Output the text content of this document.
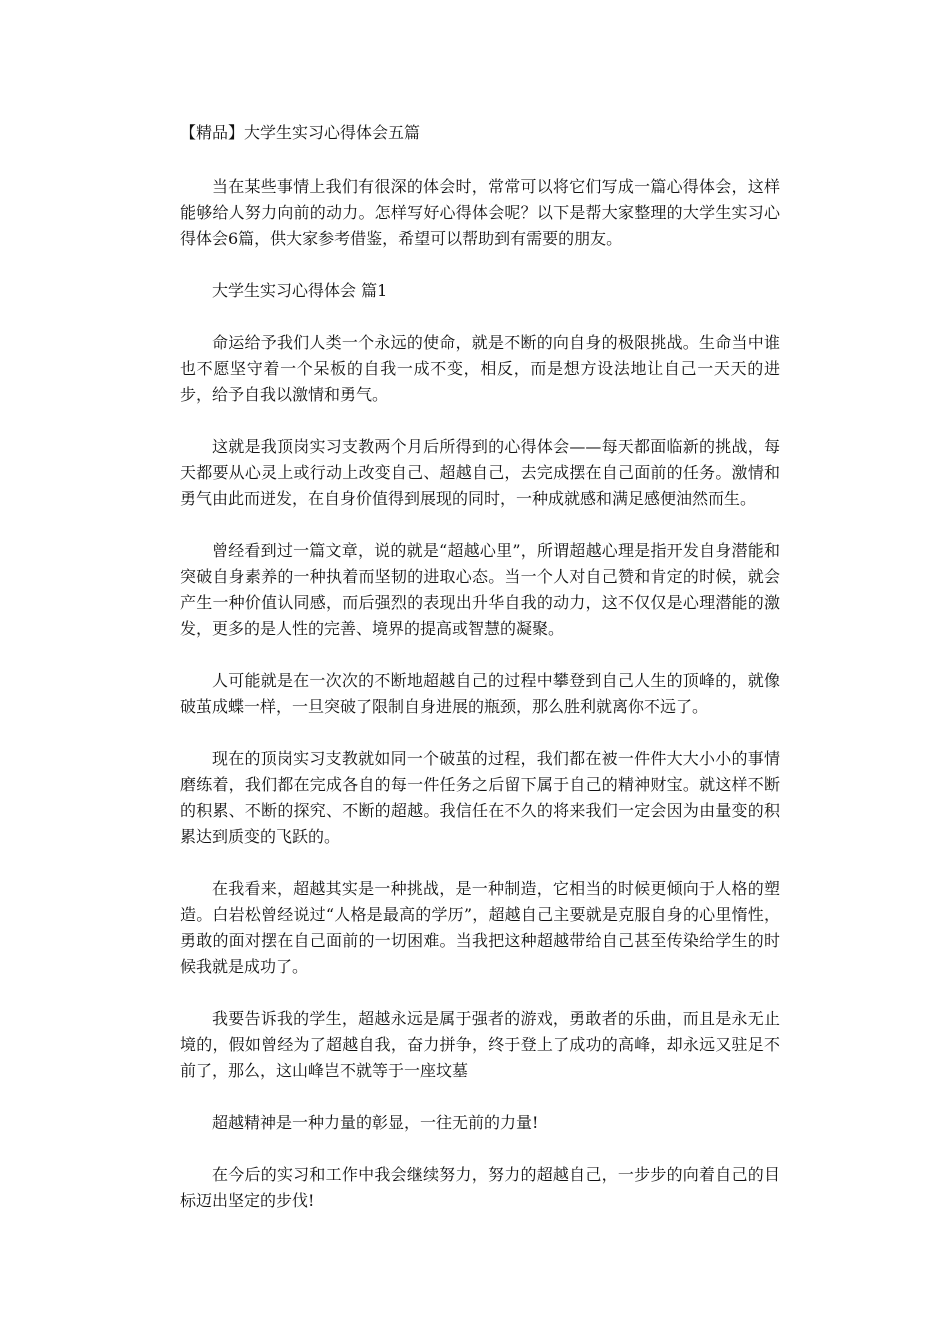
【精品】大学生实习心得体会五篇

当在某些事情上我们有很深的体会时，常常可以将它们写成一篇心得体会，这样能够给人努力向前的动力。怎样写好心得体会呢？以下是帮大家整理的大学生实习心得体会6篇，供大家参考借鉴，希望可以帮助到有需要的朋友。

大学生实习心得体会 篇1

命运给予我们人类一个永远的使命，就是不断的向自身的极限挑战。生命当中谁也不愿坚守着一个呆板的自我一成不变，相反，而是想方设法地让自己一天天的进步，给予自我以激情和勇气。

这就是我顶岗实习支教两个月后所得到的心得体会——每天都面临新的挑战，每天都要从心灵上或行动上改变自己、超越自己，去完成摆在自己面前的任务。激情和勇气由此而迸发，在自身价值得到展现的同时，一种成就感和满足感便油然而生。

曾经看到过一篇文章，说的就是“超越心里”，所谓超越心理是指开发自身潜能和突破自身素养的一种执着而坚韧的进取心态。当一个人对自己赞和肯定的时候，就会产生一种价值认同感，而后强烈的表现出升华自我的动力，这不仅仅是心理潜能的激发，更多的是人性的完善、境界的提高或智慧的凝聚。

人可能就是在一次次的不断地超越自己的过程中攀登到自己人生的顶峰的，就像破茧成蝶一样，一旦突破了限制自身进展的瓶颈，那么胜利就离你不远了。

现在的顶岗实习支教就如同一个破茧的过程，我们都在被一件件大大小小的事情磨练着，我们都在完成各自的每一件任务之后留下属于自己的精神财宝。就这样不断的积累、不断的探究、不断的超越。我信任在不久的将来我们一定会因为由量变的积累达到质变的飞跃的。

在我看来，超越其实是一种挑战，是一种制造，它相当的时候更倾向于人格的塑造。白岩松曾经说过“人格是最高的学历”，超越自己主要就是克服自身的心里惰性，勇敢的面对摆在自己面前的一切困难。当我把这种超越带给自己甚至传染给学生的时候我就是成功了。

我要告诉我的学生，超越永远是属于强者的游戏，勇敢者的乐曲，而且是永无止境的，假如曾经为了超越自我，奋力拼争，终于登上了成功的高峰，却永远又驻足不前了，那么，这山峰岂不就等于一座坟墓

超越精神是一种力量的彰显，一往无前的力量!

在今后的实习和工作中我会继续努力，努力的超越自己，一步步的向着自己的目标迈出坚定的步伐!
